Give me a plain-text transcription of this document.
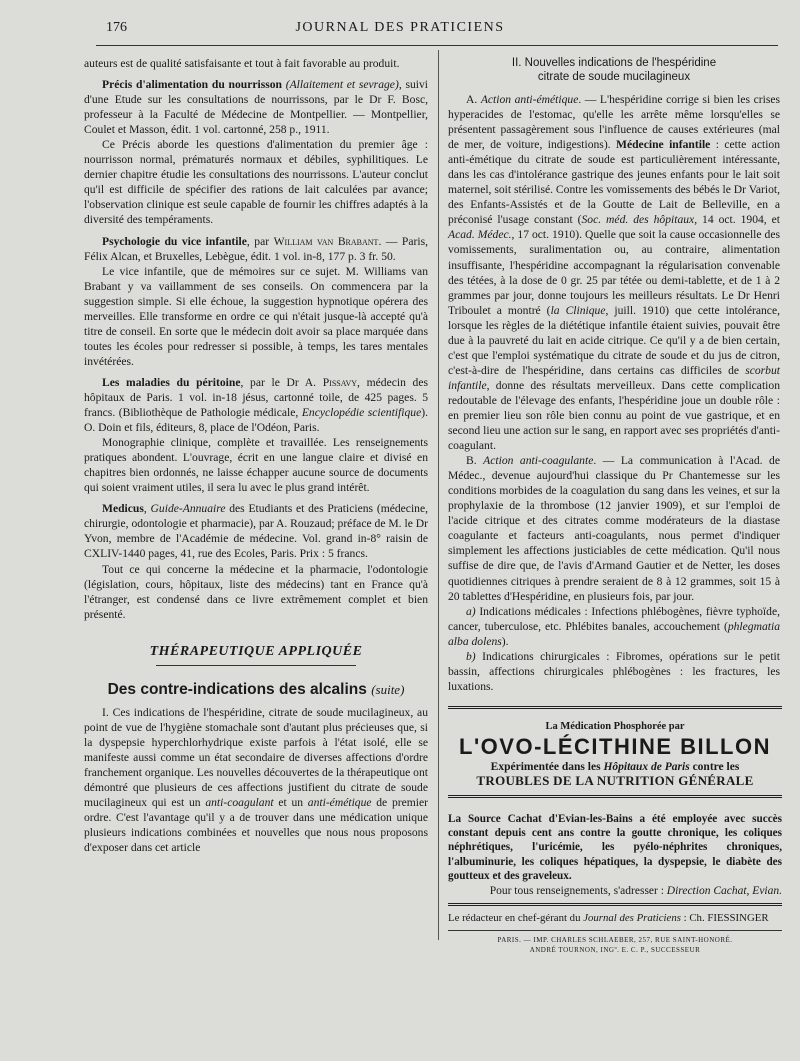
176	JOURNAL DES PRATICIENS

auteurs est de qualité satisfaisante et tout à fait favorable au produit.

Précis d'alimentation du nourrisson (Allaitement et sevrage), suivi d'une Etude sur les consultations de nourrissons, par le Dr F. Bosc, professeur à la Faculté de Médecine de Montpellier. — Montpellier, Coulet et Masson, édit. 1 vol. cartonné, 258 p., 1911.

Ce Précis aborde les questions d'alimentation du premier âge : nourrisson normal, prématurés normaux et débiles, syphilitiques. Le dernier chapitre étudie les consultations des nourrissons. L'auteur conclut qu'il est difficile de spécifier des rations de lait calculées par avance; l'observation clinique est seule capable de fournir les chiffres adaptés à la diversité des tempéraments.

Psychologie du vice infantile, par William van Brabant. — Paris, Félix Alcan, et Bruxelles, Lebègue, édit. 1 vol. in-8, 177 p. 3 fr. 50.

Le vice infantile, que de mémoires sur ce sujet. M. Williams van Brabant y va vaillamment de ses conseils. On commencera par la suggestion simple. Si elle échoue, la suggestion hypnotique opérera des merveilles. Elle transforme en ordre ce qui n'était jusque-là accepté qu'à titre de conseil. En sorte que le médecin doit avoir sa place marquée dans toutes les écoles pour redresser si possible, à temps, les tares mentales invétérées.

Les maladies du péritoine, par le Dr A. Pissavy, médecin des hôpitaux de Paris. 1 vol. in-18 jésus, cartonné toile, de 425 pages. 5 francs. (Bibliothèque de Pathologie médicale, Encyclopédie scientifique). O. Doin et fils, éditeurs, 8, place de l'Odéon, Paris.

Monographie clinique, complète et travaillée. Les renseignements pratiques abondent. L'ouvrage, écrit en une langue claire et divisé en chapitres bien ordonnés, ne laisse échapper aucune source de documents qui soient vraiment utiles, il sera lu avec le plus grand intérêt.

Medicus, Guide-Annuaire des Etudiants et des Praticiens (médecine, chirurgie, odontologie et pharmacie), par A. Rouzaud; préface de M. le Dr Yvon, membre de l'Académie de médecine. Vol. grand in-8° raisin de CXLIV-1440 pages, 41, rue des Ecoles, Paris. Prix : 5 francs.

Tout ce qui concerne la médecine et la pharmacie, l'odontologie (législation, cours, hôpitaux, liste des médecins) tant en France qu'à l'étranger, est condensé dans ce livre extrêmement complet et bien présenté.

THÉRAPEUTIQUE APPLIQUÉE
Des contre-indications des alcalins (suite)

I. Ces indications de l'hespéridine, citrate de soude mucilagineux, au point de vue de l'hygiène stomachale sont d'autant plus précieuses que, si la dyspepsie hyperchlorhydrique existe parfois à l'état isolé, elle se manifeste aussi comme un état secondaire de diverses affections d'ordre franchement organique. Les nouvelles découvertes de la thérapeutique ont démontré que plusieurs de ces affections justifient du citrate de soude mucilagineux qui est un anti-coagulant et un anti-émétique de premier ordre. C'est l'avantage qu'il y a de trouver dans une médication unique plusieurs indications combinées et nouvelles que nous nous proposons d'exposer dans cet article

II. Nouvelles indications de l'hespéridine
citrate de soude mucilagineux

A. Action anti-émétique. — L'hespéridine corrige si bien les crises hyperacides de l'estomac, qu'elle les arrête même lorsqu'elles se présentent passagèrement sous l'influence de causes extérieures (mal de mer, de voiture, indigestions). Médecine infantile : cette action anti-émétique du citrate de soude est particulièrement intéressante, dans les cas d'intolérance gastrique des jeunes enfants pour le lait soit maternel, soit stérilisé. Contre les vomissements des bébés le Dr Variot, des Enfants-Assistés et de la Goutte de Lait de Belleville, en a préconisé l'usage constant (Soc. méd. des hôpitaux, 14 oct. 1904, et Acad. Médec., 17 oct. 1910). Quelle que soit la cause occasionnelle des vomissements, suralimentation ou, au contraire, alimentation insuffisante, l'hespéridine accompagnant la régularisation convenable des tétées, à la dose de 0 gr. 25 par tétée ou demi-tablette, et de 1 à 2 grammes par jour, donne toujours les meilleurs résultats. Le Dr Henri Triboulet a montré (la Clinique, juill. 1910) que cette intolérance, lorsque les règles de la diététique infantile étaient suivies, pouvait être due à la pauvreté du lait en acide citrique. Ce qu'il y a de bien certain, c'est que l'emploi systématique du citrate de soude et du jus de citron, c'est-à-dire de l'hespéridine, dans certains cas difficiles de scorbut infantile, donne des résultats merveilleux. Dans cette complication redoutable de l'élevage des enfants, l'hespéridine joue un double rôle : en premier lieu son rôle bien connu au point de vue gastrique, et en second lieu une action sur le sang, en rapport avec ses propriétés d'anti-coagulant.

B. Action anti-coagulante. — La communication à l'Acad. de Médec., devenue aujourd'hui classique du Pr Chantemesse sur les conditions morbides de la coagulation du sang dans les veines, et sur la prophylaxie de la thrombose (12 janvier 1909), et sur l'emploi de l'acide citrique et des citrates comme modérateurs de la diastase coagulante et facteurs anti-coagulants, nous permet d'indiquer simplement les affections justiciables de cette médication. Qu'il nous suffise de dire que, de l'avis d'Armand Gautier et de Netter, les doses quotidiennes citriques à prendre seraient de 8 à 12 grammes, soit 15 à 20 tablettes d'Hespéridine, en plusieurs fois, par jour.

a) Indications médicales : Infections phlébogènes, fièvre typhoïde, cancer, tuberculose, etc. Phlébites banales, accouchement (phlegmatia alba dolens).

b) Indications chirurgicales : Fibromes, opérations sur le petit bassin, affections chirurgicales phlébogènes : les fractures, les luxations.

La Médication Phosphorée par
L'OVO-LÉCITHINE BILLON
Expérimentée dans les Hôpitaux de Paris contre les
TROUBLES DE LA NUTRITION GÉNÉRALE
La Source Cachat d'Evian-les-Bains a été employée avec succès constant depuis cent ans contre la goutte chronique, les coliques néphrétiques, l'uricémie, les pyélo-néphrites chroniques, l'albuminurie, les coliques hépatiques, la dyspepsie, le diabète des goutteux et des graveleux.
Pour tous renseignements, s'adresser : Direction Cachat, Evian.
Le rédacteur en chef-gérant du Journal des Praticiens : Ch. FIESSINGER
PARIS. — IMP. CHARLES SCHLAEBER, 257, RUE SAINT-HONORÉ.
ANDRÉ TOURNON, INGº. E. C. P., SUCCESSEUR
